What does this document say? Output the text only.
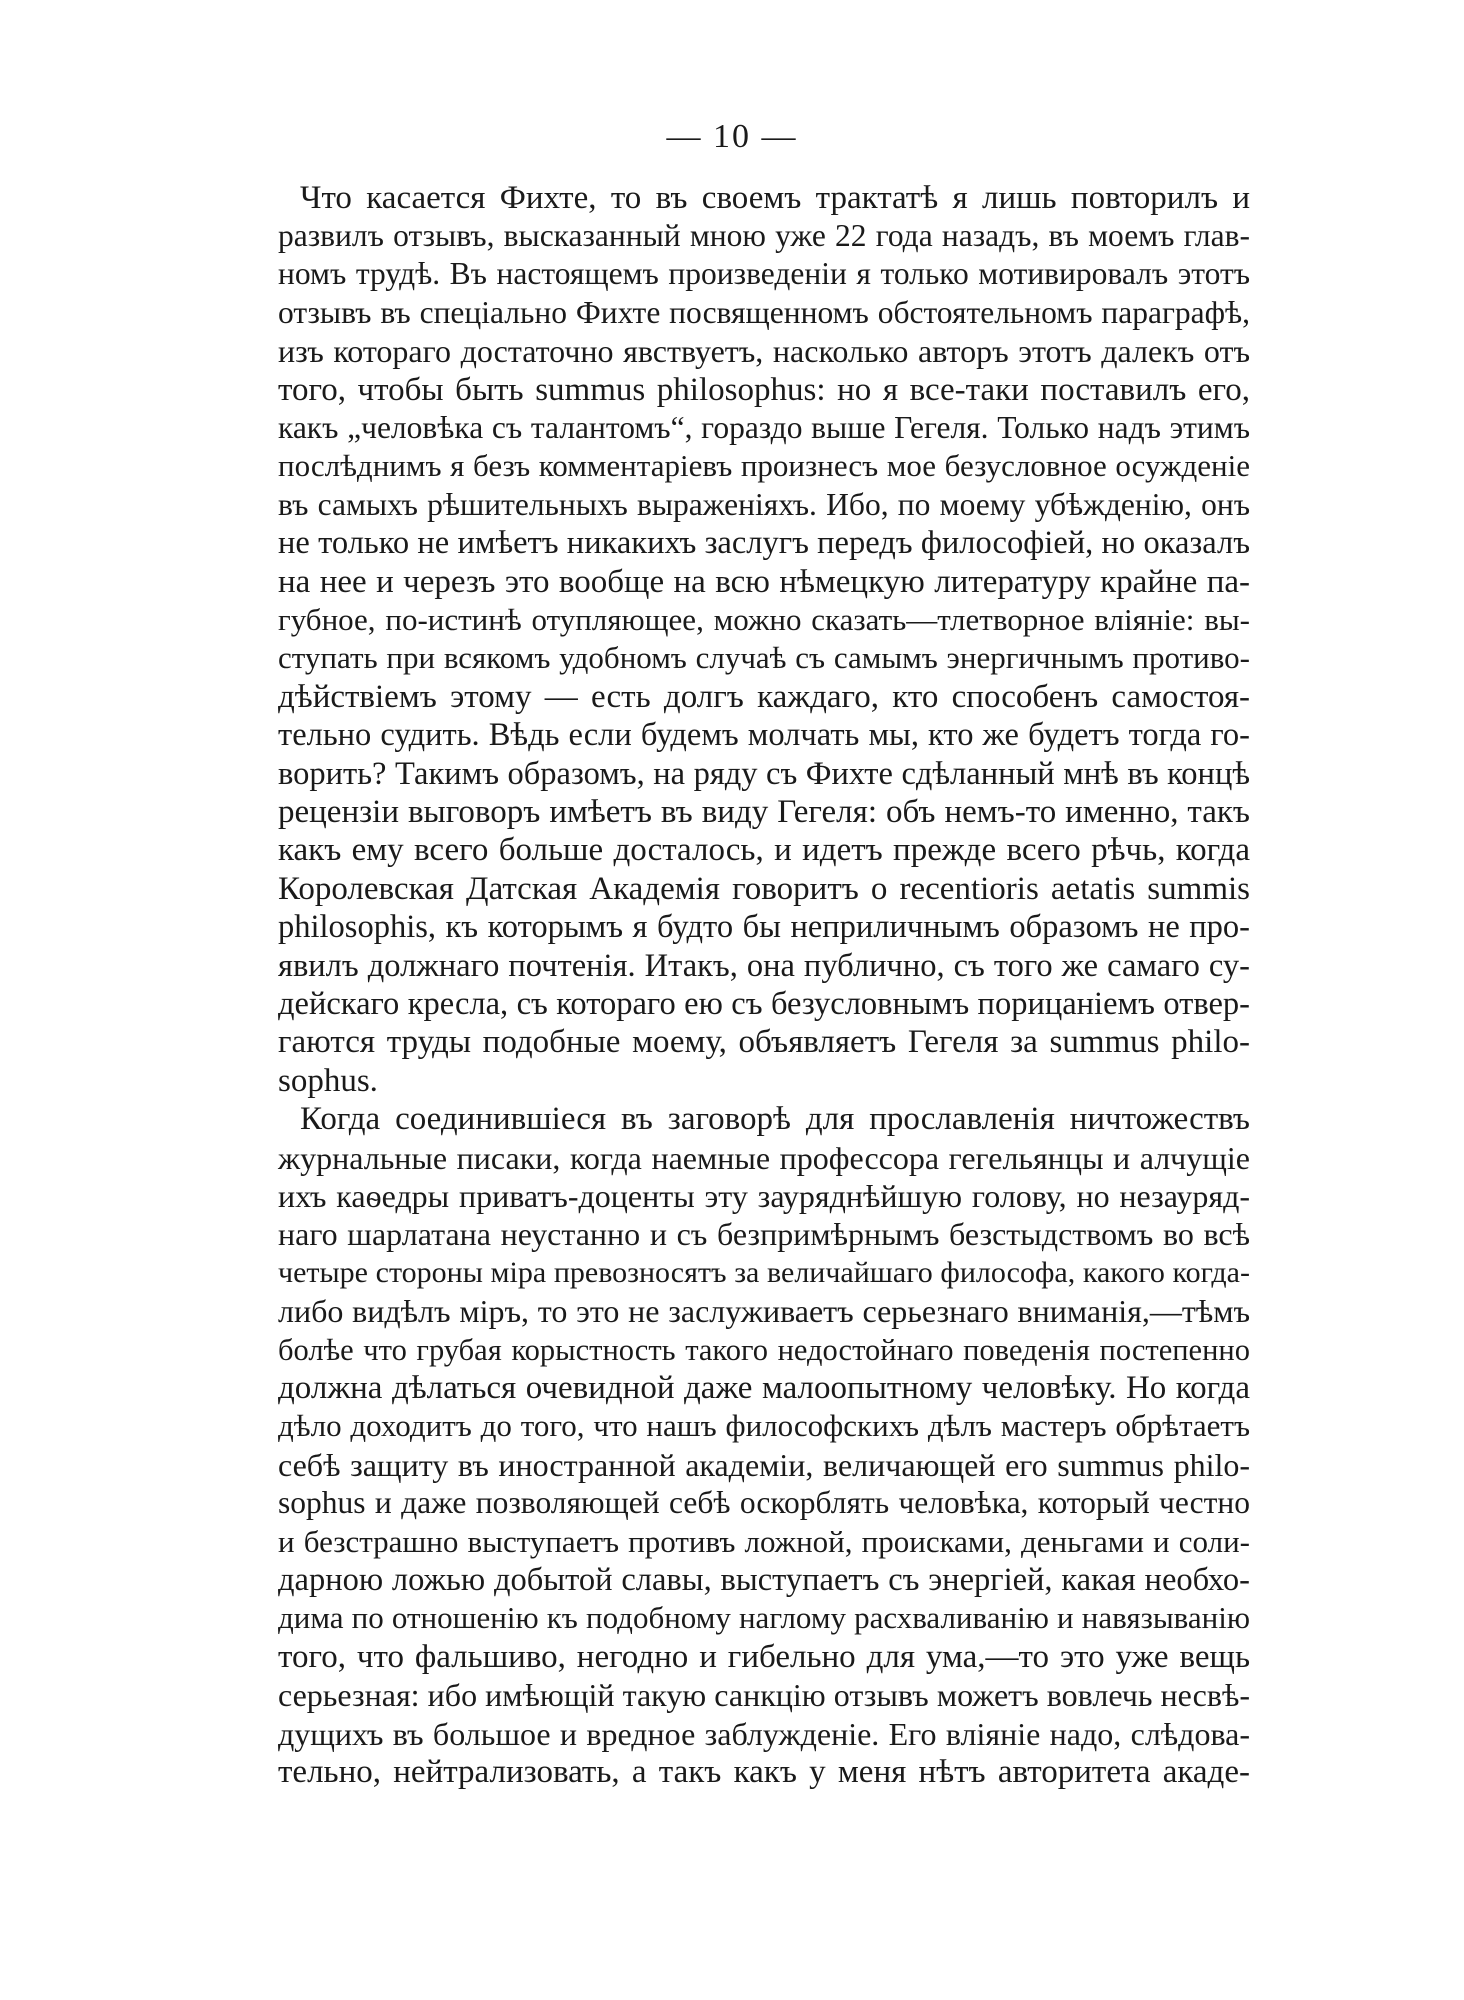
— 10 —
Что касается Фихте, то въ своемъ трактатѣ я лишь повторилъ и
развилъ отзывъ, высказанный мною уже 22 года назадъ, въ моемъ глав-
номъ трудѣ. Въ настоящемъ произведенiи я только мотивировалъ этотъ
отзывъ въ спецiально Фихте посвященномъ обстоятельномъ параграфѣ,
изъ котораго достаточно явствуетъ, насколько авторъ этотъ далекъ отъ
того, чтобы быть summus philosophus: но я все-таки поставилъ его,
какъ „человѣка съ талантомъ“, гораздо выше Гегеля. Только надъ этимъ
послѣднимъ я безъ комментарiевъ произнесъ мое безусловное осужденiе
въ самыхъ рѣшительныхъ выраженiяхъ. Ибо, по моему убѣжденiю, онъ
не только не имѣетъ никакихъ заслугъ передъ философiей, но оказалъ
на нее и черезъ это вообще на всю нѣмецкую литературу крайне па-
губное, по-истинѣ отупляющее, можно сказать—тлетворное влiянiе: вы-
ступать при всякомъ удобномъ случаѣ съ самымъ энергичнымъ противо-
дѣйствiемъ этому — есть долгъ каждаго, кто способенъ самостоя-
тельно судить. Вѣдь если будемъ молчать мы, кто же будетъ тогда го-
ворить? Такимъ образомъ, на ряду съ Фихте сдѣланный мнѣ въ концѣ
рецензiи выговоръ имѣетъ въ виду Гегеля: объ немъ-то именно, такъ
какъ ему всего больше досталось, и идетъ прежде всего рѣчь, когда
Королевская Датская Академiя говоритъ о recentioris aetatis summis
philosophis, къ которымъ я будто бы неприличнымъ образомъ не про-
явилъ должнаго почтенiя. Итакъ, она публично, съ того же самаго су-
дейскаго кресла, съ котораго ею съ безусловнымъ порицанiемъ отвер-
гаются труды подобные моему, объявляетъ Гегеля за summus philo-
sophus.
Когда соединившiеся въ заговорѣ для прославленiя ничтожествъ
журнальные писаки, когда наемные профессора гегельянцы и алчущiе
ихъ каѳедры приватъ-доценты эту зауряднѣйшую голову, но незауряд-
наго шарлатана неустанно и съ безпримѣрнымъ безстыдствомъ во всѣ
четыре стороны мiра превозносятъ за величайшаго философа, какого когда-
либо видѣлъ мiръ, то это не заслуживаетъ серьезнаго вниманiя,—тѣмъ
болѣе что грубая корыстность такого недостойнаго поведенiя постепенно
должна дѣлаться очевидной даже малоопытному человѣку. Но когда
дѣло доходитъ до того, что нашъ философскихъ дѣлъ мастеръ обрѣтаетъ
себѣ защиту въ иностранной академiи, величающей его summus philo-
sophus и даже позволяющей себѣ оскорблять человѣка, который честно
и безстрашно выступаетъ противъ ложной, происками, деньгами и соли-
дарною ложью добытой славы, выступаетъ съ энергiей, какая необхо-
дима по отношенiю къ подобному наглому расхваливанiю и навязыванiю
того, что фальшиво, негодно и гибельно для ума,—то это уже вещь
серьезная: ибо имѣющiй такую санкцiю отзывъ можетъ вовлечь несвѣ-
дущихъ въ большое и вредное заблужденiе. Его влiянiе надо, слѣдова-
тельно, нейтрализовать, а такъ какъ у меня нѣтъ авторитета акаде-
